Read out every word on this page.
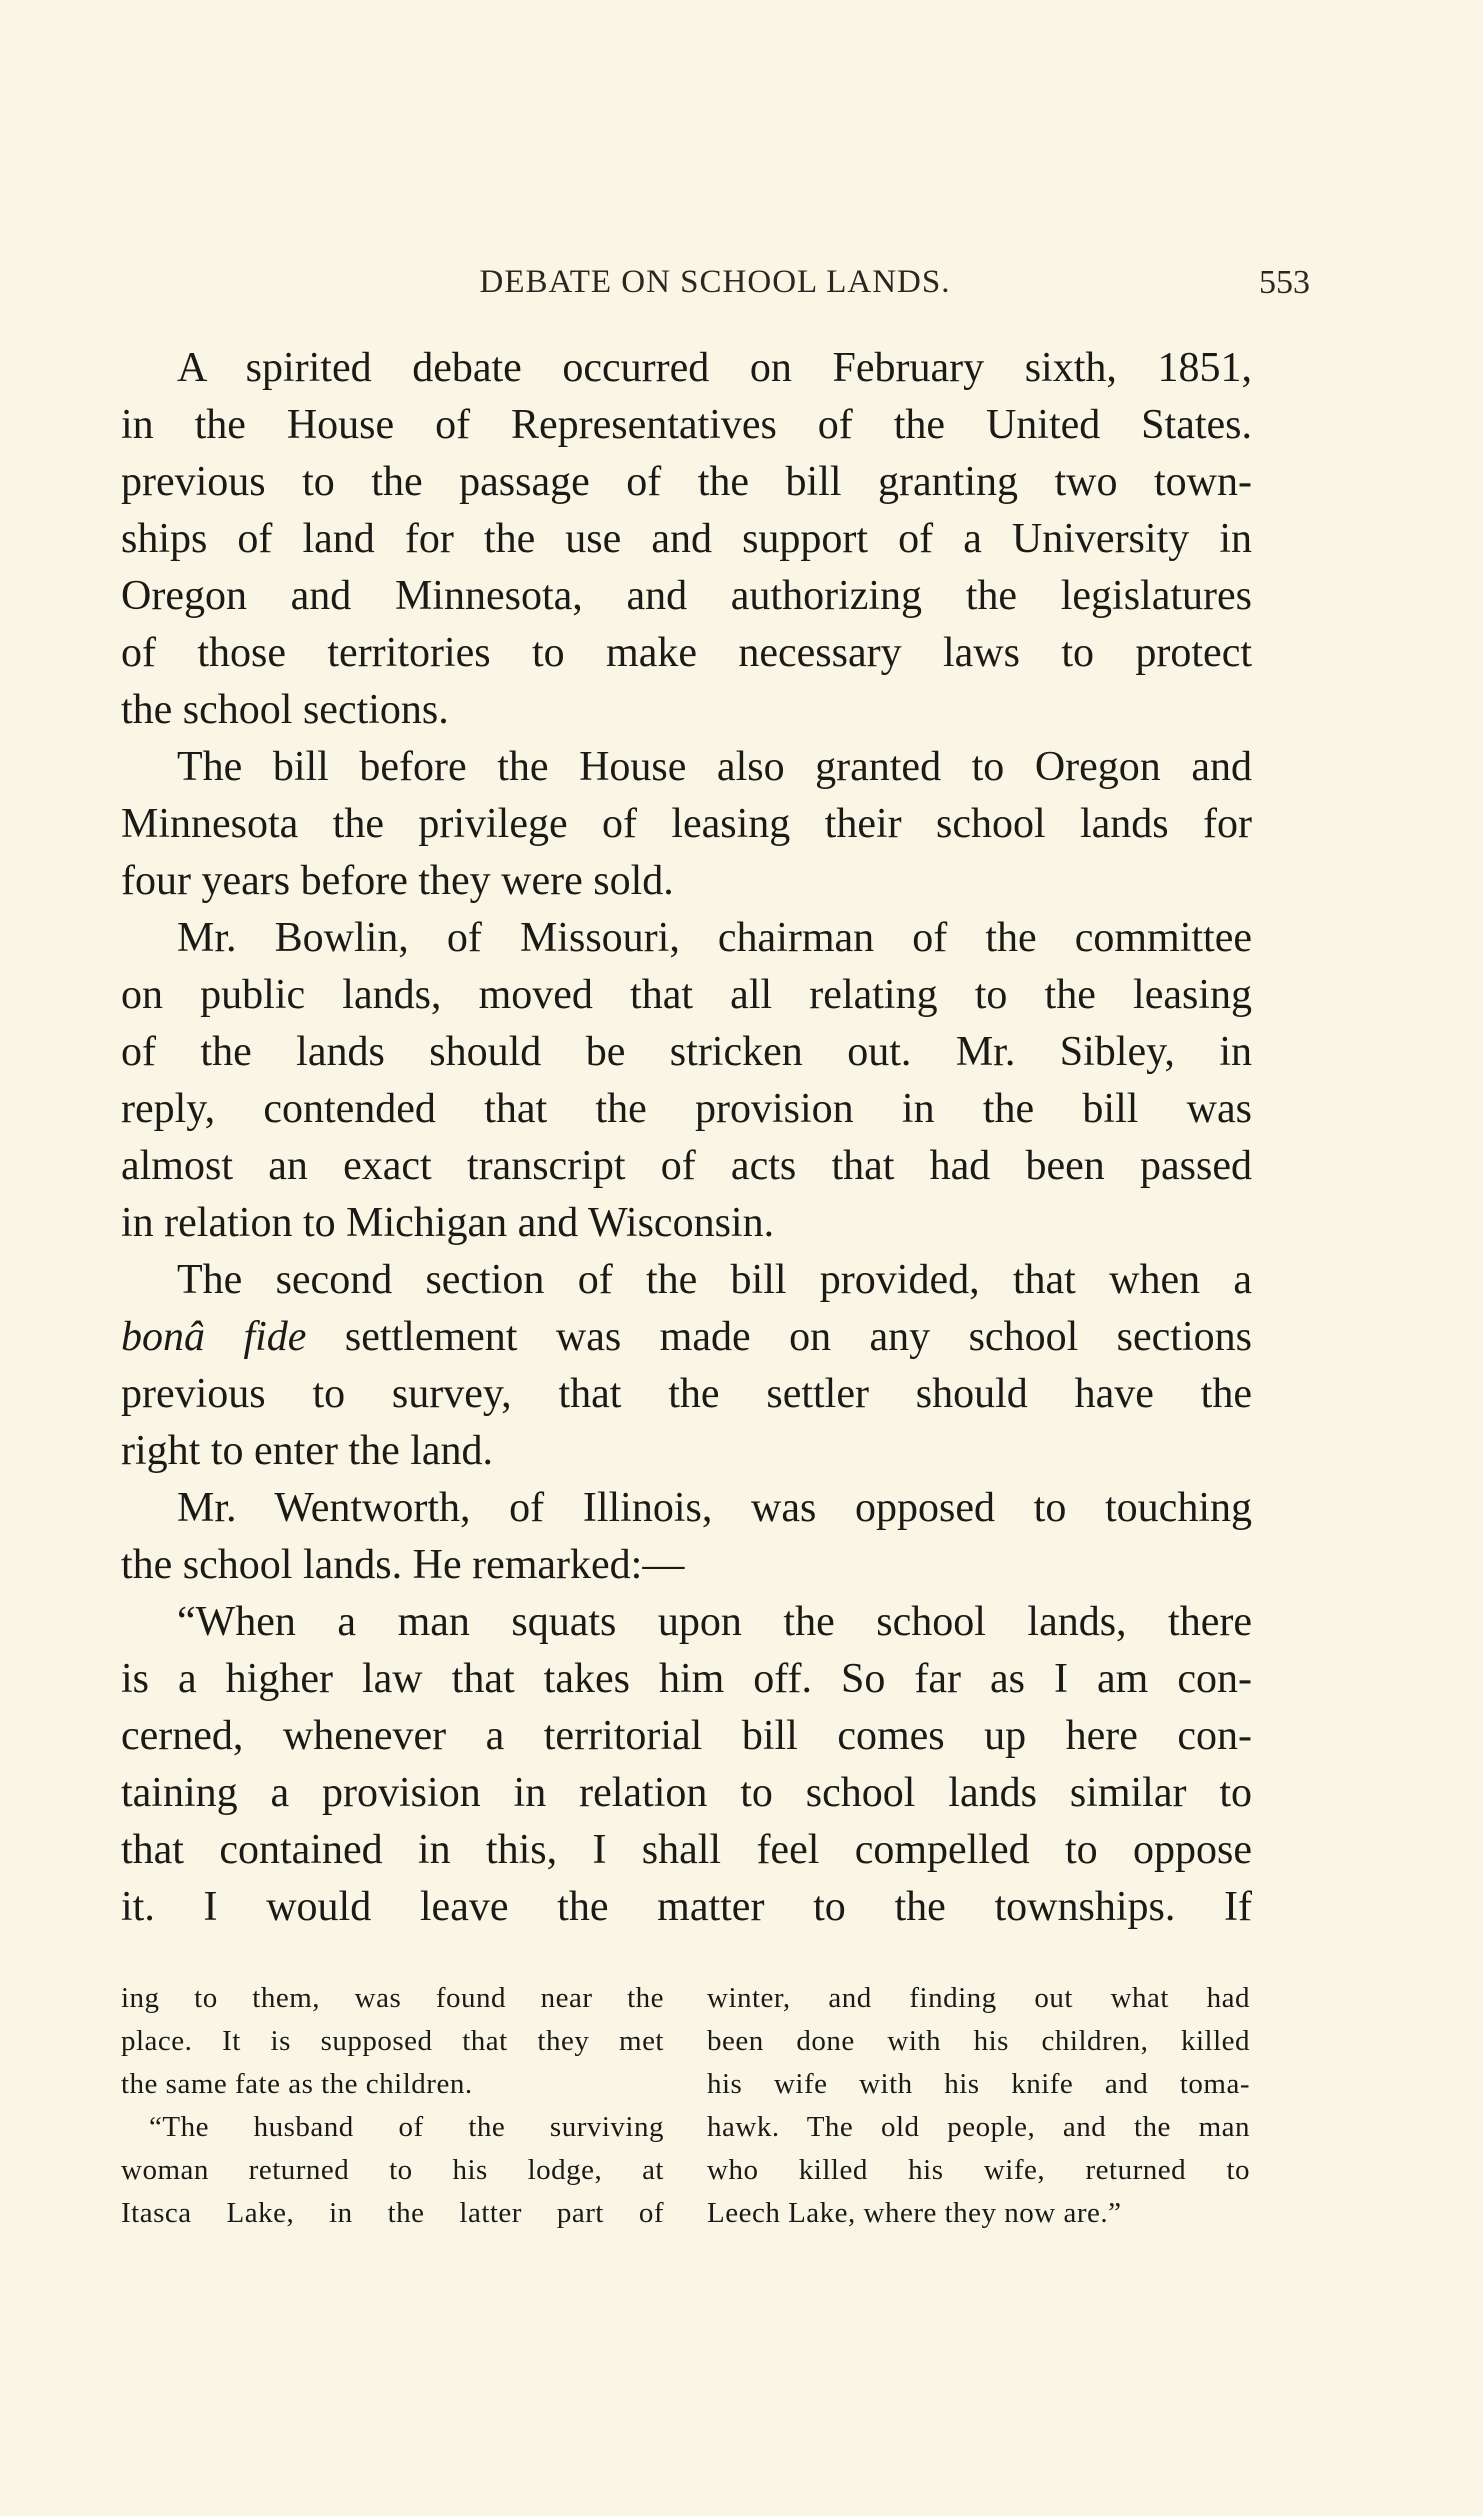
DEBATE ON SCHOOL LANDS.	553
A spirited debate occurred on February sixth, 1851,
in the House of Representatives of the United States.
previous to the passage of the bill granting two town-
ships of land for the use and support of a University in
Oregon and Minnesota, and authorizing the legislatures
of those territories to make necessary laws to protect
the school sections.
The bill before the House also granted to Oregon and
Minnesota the privilege of leasing their school lands for
four years before they were sold.
Mr. Bowlin, of Missouri, chairman of the committee
on public lands, moved that all relating to the leasing
of the lands should be stricken out. Mr. Sibley, in
reply, contended that the provision in the bill was
almost an exact transcript of acts that had been passed
in relation to Michigan and Wisconsin.
The second section of the bill provided, that when a
bonâ fide settlement was made on any school sections
previous to survey, that the settler should have the
right to enter the land.
Mr. Wentworth, of Illinois, was opposed to touching
the school lands. He remarked:—
“When a man squats upon the school lands, there
is a higher law that takes him off. So far as I am con-
cerned, whenever a territorial bill comes up here con-
taining a provision in relation to school lands similar to
that contained in this, I shall feel compelled to oppose
it. I would leave the matter to the townships. If
ing to them, was found near the
place. It is supposed that they met
the same fate as the children.
“The husband of the surviving
woman returned to his lodge, at
Itasca Lake, in the latter part of
winter, and finding out what had
been done with his children, killed
his wife with his knife and toma-
hawk. The old people, and the man
who killed his wife, returned to
Leech Lake, where they now are.”
